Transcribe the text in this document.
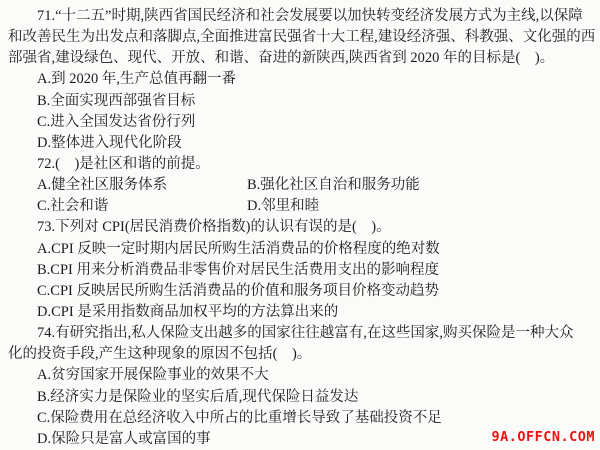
71.“十二五”时期,陕西省国民经济和社会发展要以加快转变经济发展方式为主线,以保障
和改善民生为出发点和落脚点,全面推进富民强省十大工程,建设经济强、科教强、文化强的西
部强省,建设绿色、现代、开放、和谐、奋进的新陕西,陕西省到 2020 年的目标是(    )。
A.到 2020 年,生产总值再翻一番
B.全面实现西部强省目标
C.进入全国发达省份行列
D.整体进入现代化阶段
72.(    )是社区和谐的前提。
A.健全社区服务体系	B.强化社区自治和服务功能
C.社会和谐	D.邻里和睦
73.下列对 CPI(居民消费价格指数)的认识有误的是(    )。
A.CPI 反映一定时期内居民所购生活消费品的价格程度的绝对数
B.CPI 用来分析消费品非零售价对居民生活费用支出的影响程度
C.CPI 反映居民所购生活消费品的价值和服务项目价格变动趋势
D.CPI 是采用指数商品加权平均的方法算出来的
74.有研究指出,私人保险支出越多的国家往往越富有,在这些国家,购买保险是一种大众
化的投资手段,产生这种现象的原因不包括(    )。
A.贫穷国家开展保险事业的效果不大
B.经济实力是保险业的坚实后盾,现代保险日益发达
C.保险费用在总经济收入中所占的比重增长导致了基础投资不足
D.保险只是富人或富国的事	9A.OFFCN.COM
